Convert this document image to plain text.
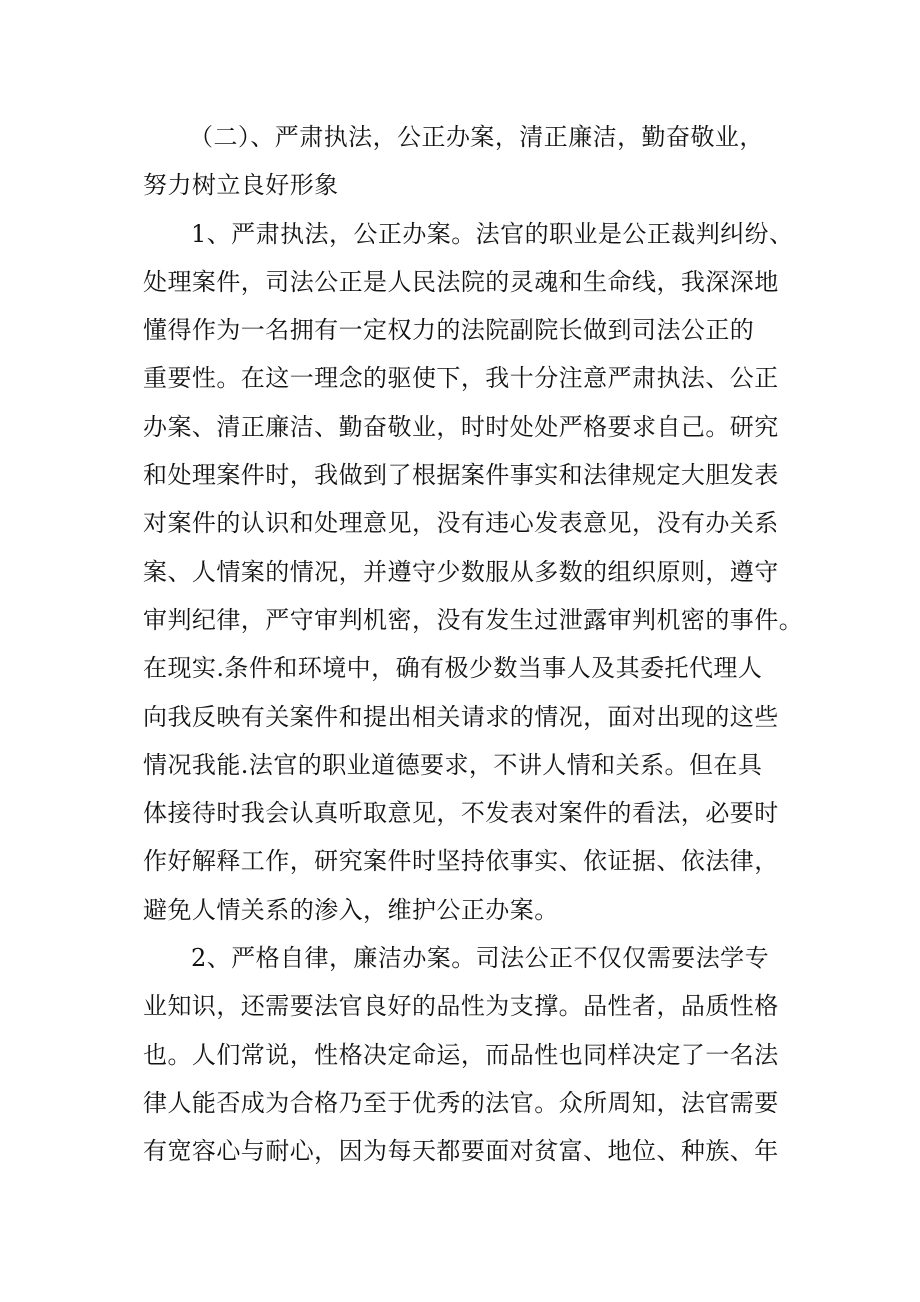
（二）、严肃执法，公正办案，清正廉洁，勤奋敬业，
努力树立良好形象
1、严肃执法，公正办案。法官的职业是公正裁判纠纷、
处理案件，司法公正是人民法院的灵魂和生命线，我深深地
懂得作为一名拥有一定权力的法院副院长做到司法公正的
重要性。在这一理念的驱使下，我十分注意严肃执法、公正
办案、清正廉洁、勤奋敬业，时时处处严格要求自己。研究
和处理案件时，我做到了根据案件事实和法律规定大胆发表
对案件的认识和处理意见，没有违心发表意见，没有办关系
案、人情案的情况，并遵守少数服从多数的组织原则，遵守
审判纪律，严守审判机密，没有发生过泄露审判机密的事件。
在现实.条件和环境中，确有极少数当事人及其委托代理人
向我反映有关案件和提出相关请求的情况，面对出现的这些
情况我能.法官的职业道德要求，不讲人情和关系。但在具
体接待时我会认真听取意见，不发表对案件的看法，必要时
作好解释工作，研究案件时坚持依事实、依证据、依法律，
避免人情关系的渗入，维护公正办案。
2、严格自律，廉洁办案。司法公正不仅仅需要法学专
业知识，还需要法官良好的品性为支撑。品性者，品质性格
也。人们常说，性格决定命运，而品性也同样决定了一名法
律人能否成为合格乃至于优秀的法官。众所周知，法官需要
有宽容心与耐心，因为每天都要面对贫富、地位、种族、年
